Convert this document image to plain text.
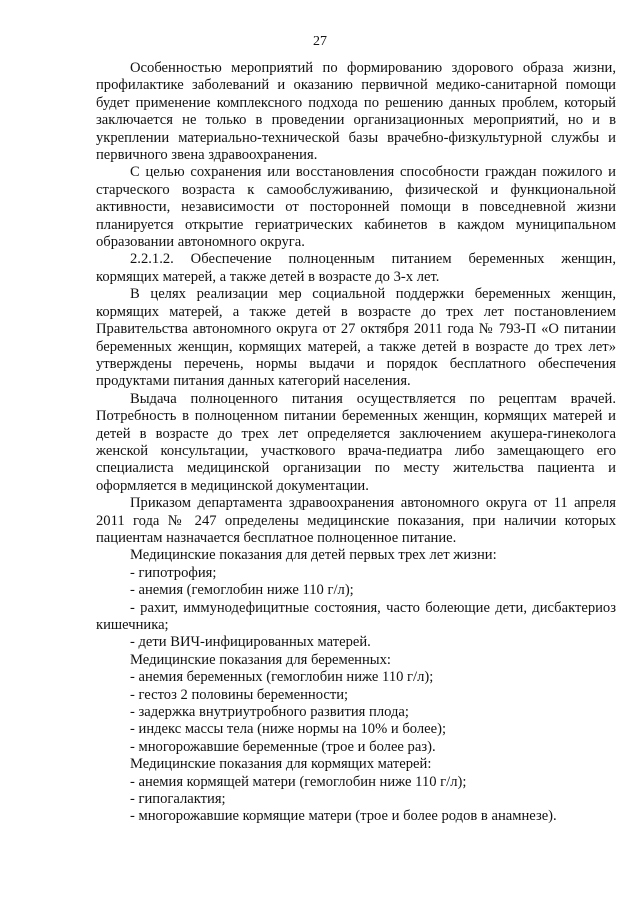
27

Особенностью мероприятий по формированию здорового образа жизни, профилактике заболеваний и оказанию первичной медико-санитарной помощи будет применение комплексного подхода по решению данных проблем, который заключается не только в проведении организационных мероприятий, но и в укреплении материально-технической базы врачебно-физкультурной службы и первичного звена здравоохранения.

С целью сохранения или восстановления способности граждан пожилого и старческого возраста к самообслуживанию, физической и функциональной активности, независимости от посторонней помощи в повседневной жизни планируется открытие гериатрических кабинетов в каждом муниципальном образовании автономного округа.

2.2.1.2. Обеспечение полноценным питанием беременных женщин, кормящих матерей, а также детей в возрасте до 3-х лет.

В целях реализации мер социальной поддержки беременных женщин, кормящих матерей, а также детей в возрасте до трех лет постановлением Правительства автономного округа от 27 октября 2011 года № 793-П «О питании беременных женщин, кормящих матерей, а также детей в возрасте до трех лет» утверждены перечень, нормы выдачи и порядок бесплатного обеспечения продуктами питания данных категорий населения.

Выдача полноценного питания осуществляется по рецептам врачей. Потребность в полноценном питании беременных женщин, кормящих матерей и детей в возрасте до трех лет определяется заключением акушера-гинеколога женской консультации, участкового врача-педиатра либо замещающего его специалиста медицинской организации по месту жительства пациента и оформляется в медицинской документации.

Приказом департамента здравоохранения автономного округа от 11 апреля 2011 года № 247 определены медицинские показания, при наличии которых пациентам назначается бесплатное полноценное питание.

Медицинские показания для детей первых трех лет жизни:
- гипотрофия;
- анемия (гемоглобин ниже 110 г/л);

- рахит, иммунодефицитные состояния, часто болеющие дети, дисбактериоз кишечника;

- дети ВИЧ-инфицированных матерей.
Медицинские показания для беременных:
- анемия беременных (гемоглобин ниже 110 г/л);
- гестоз 2 половины беременности;
- задержка внутриутробного развития плода;
- индекс массы тела (ниже нормы на 10% и более);
- многорожавшие беременные (трое и более раз).
Медицинские показания для кормящих матерей:
- анемия кормящей матери (гемоглобин ниже 110 г/л);
- гипогалактия;
- многорожавшие кормящие матери (трое и более родов в анамнезе).
